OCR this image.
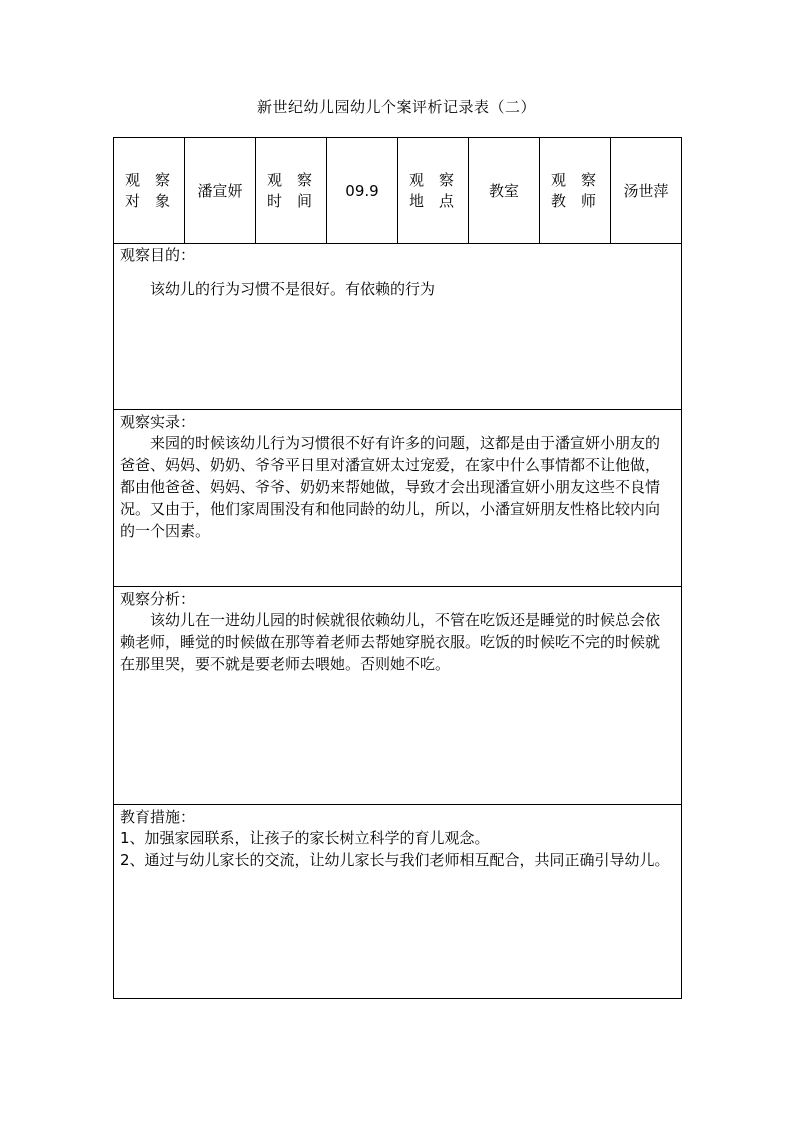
新世纪幼儿园幼儿个案评析记录表（二）
观　察
对　象
潘宣妍
观　察
时　间
09.9
观　察
地　点
教室
观　察
教　师
汤世萍
观察目的：

该幼儿的行为习惯不是很好。有依赖的行为

观察实录：

来园的时候该幼儿行为习惯很不好有许多的问题，这都是由于潘宣妍小朋友的爸爸、妈妈、奶奶、爷爷平日里对潘宣妍太过宠爱，在家中什么事情都不让他做，都由他爸爸、妈妈、爷爷、奶奶来帮她做，导致才会出现潘宣妍小朋友这些不良情况。又由于，他们家周围没有和他同龄的幼儿，所以，小潘宣妍朋友性格比较内向的一个因素。

观察分析：

该幼儿在一进幼儿园的时候就很依赖幼儿，不管在吃饭还是睡觉的时候总会依赖老师，睡觉的时候做在那等着老师去帮她穿脱衣服。吃饭的时候吃不完的时候就在那里哭，要不就是要老师去喂她。否则她不吃。

教育措施：

1、加强家园联系，让孩子的家长树立科学的育儿观念。

2、通过与幼儿家长的交流，让幼儿家长与我们老师相互配合，共同正确引导幼儿。
